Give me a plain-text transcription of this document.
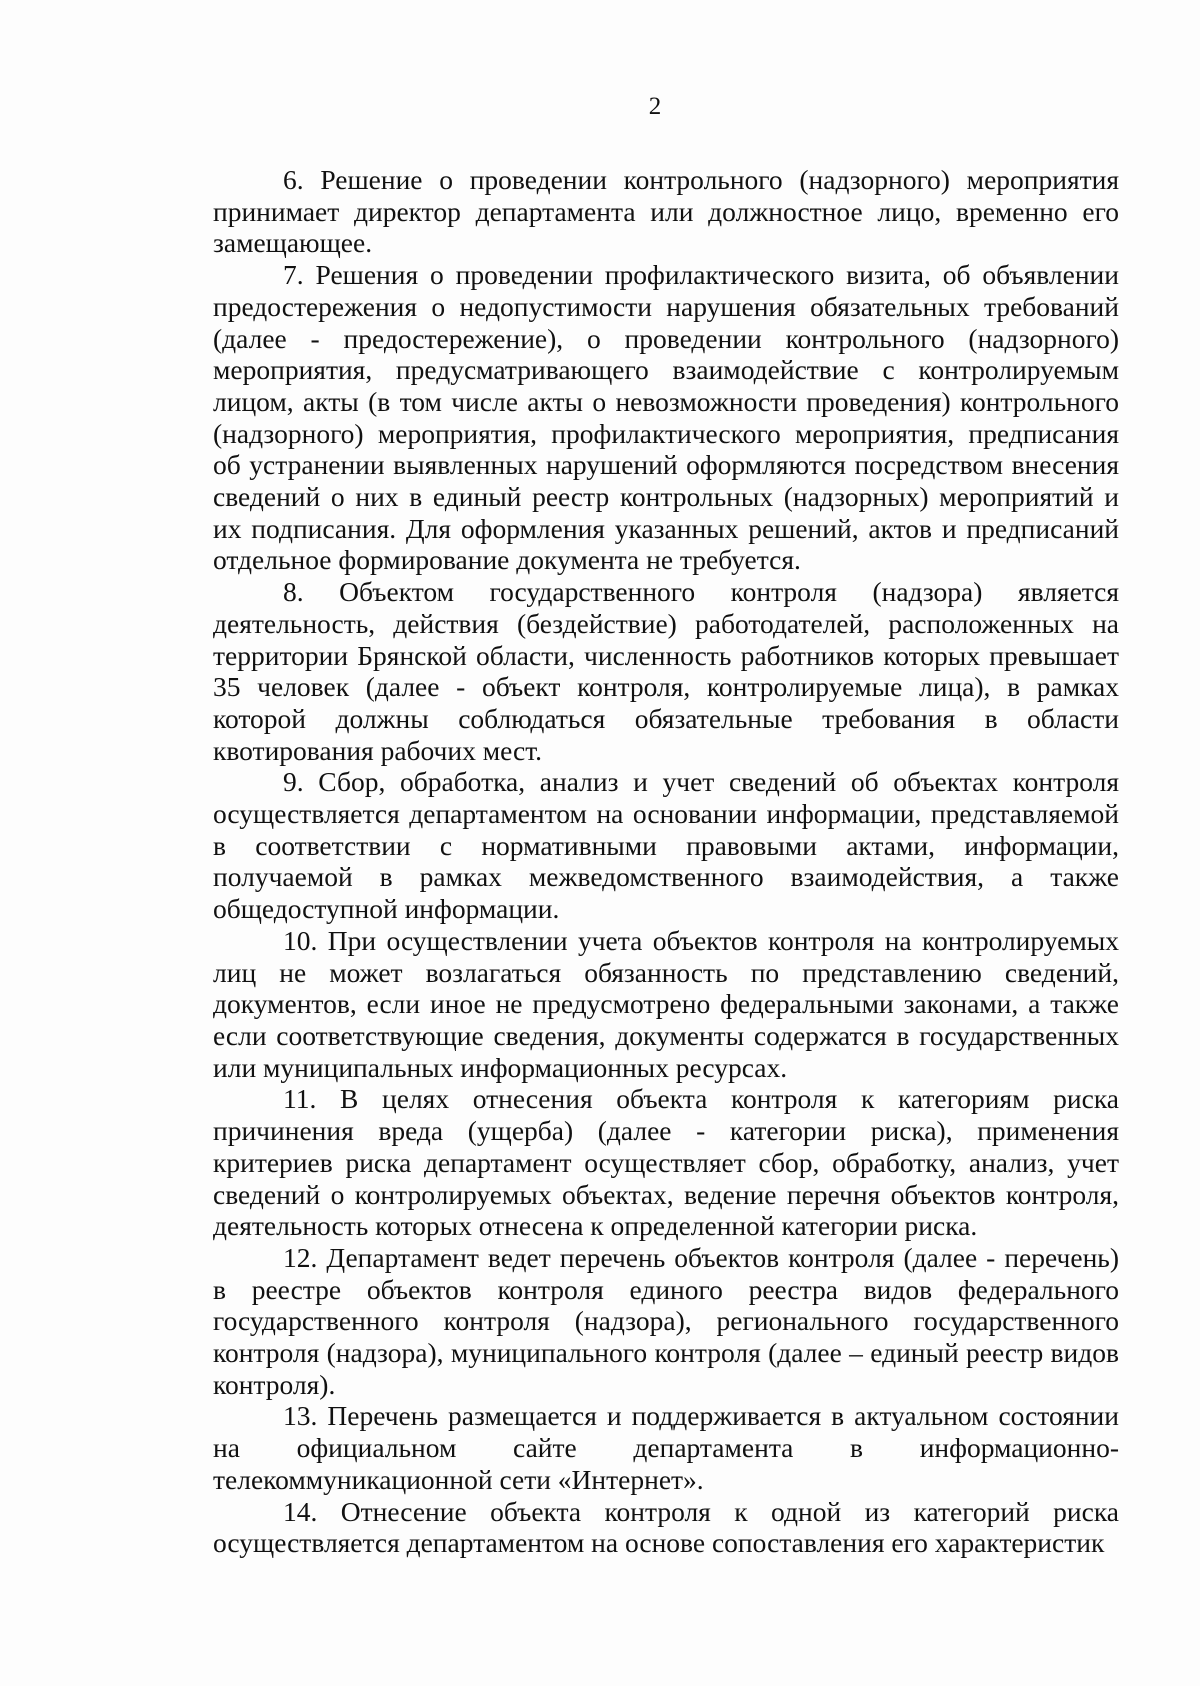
2

6. Решение о проведении контрольного (надзорного) мероприятия принимает директор департамента или должностное лицо, временно его замещающее.

7. Решения о проведении профилактического визита, об объявлении предостережения о недопустимости нарушения обязательных требований (далее - предостережение), о проведении контрольного (надзорного) мероприятия, предусматривающего взаимодействие с контролируемым лицом, акты (в том числе акты о невозможности проведения) контрольного (надзорного) мероприятия, профилактического мероприятия, предписания об устранении выявленных нарушений оформляются посредством внесения сведений о них в единый реестр контрольных (надзорных) мероприятий и их подписания. Для оформления указанных решений, актов и предписаний отдельное формирование документа не требуется.

8. Объектом государственного контроля (надзора) является деятельность, действия (бездействие) работодателей, расположенных на территории Брянской области, численность работников которых превышает 35 человек (далее - объект контроля, контролируемые лица), в рамках которой должны соблюдаться обязательные требования в области квотирования рабочих мест.

9. Сбор, обработка, анализ и учет сведений об объектах контроля осуществляется департаментом на основании информации, представляемой в соответствии с нормативными правовыми актами, информации, получаемой в рамках межведомственного взаимодействия, а также общедоступной информации.

10. При осуществлении учета объектов контроля на контролируемых лиц не может возлагаться обязанность по представлению сведений, документов, если иное не предусмотрено федеральными законами, а также если соответствующие сведения, документы содержатся в государственных или муниципальных информационных ресурсах.

11. В целях отнесения объекта контроля к категориям риска причинения вреда (ущерба) (далее - категории риска), применения критериев риска департамент осуществляет сбор, обработку, анализ, учет сведений о контролируемых объектах, ведение перечня объектов контроля, деятельность которых отнесена к определенной категории риска.

12. Департамент ведет перечень объектов контроля (далее - перечень) в реестре объектов контроля единого реестра видов федерального государственного контроля (надзора), регионального государственного контроля (надзора), муниципального контроля (далее – единый реестр видов контроля).

13. Перечень размещается и поддерживается в актуальном состоянии на официальном сайте департамента в информационно-телекоммуникационной сети «Интернет».

14. Отнесение объекта контроля к одной из категорий риска осуществляется департаментом на основе сопоставления его характеристик
